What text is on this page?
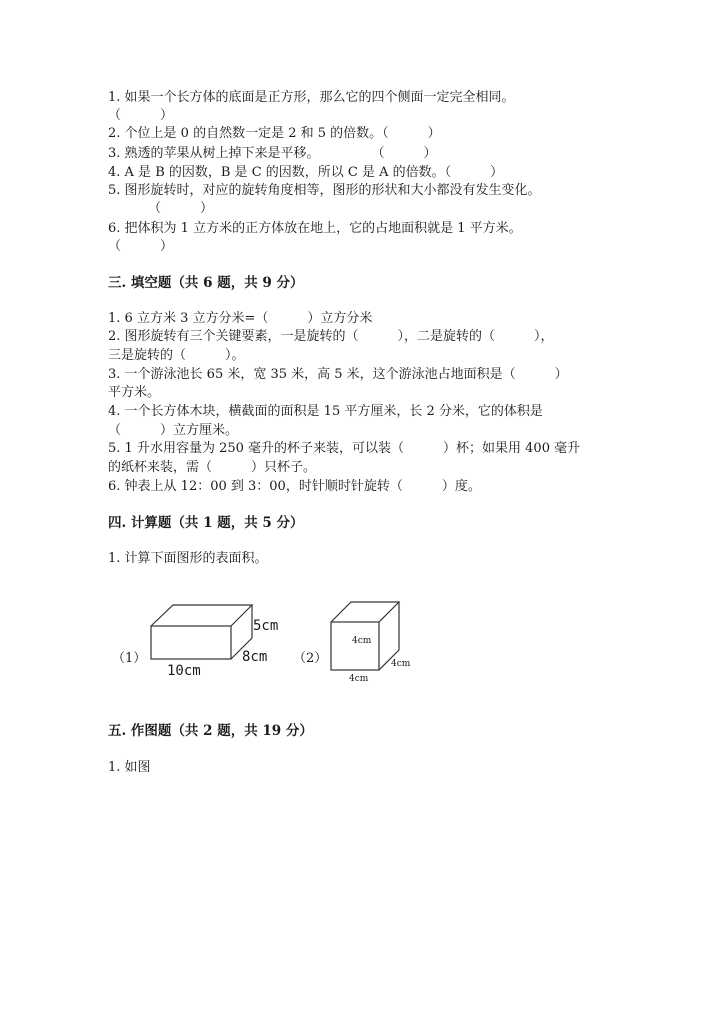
1. 如果一个长方体的底面是正方形，那么它的四个侧面一定完全相同。
（　　　）
2. 个位上是 0 的自然数一定是 2 和 5 的倍数。（　　　）
3. 熟透的苹果从树上掉下来是平移。　　　　　（　　　）
4. A 是 B 的因数，B 是 C 的因数，所以 C 是 A 的倍数。（　　　）
5. 图形旋转时，对应的旋转角度相等，图形的形状和大小都没有发生变化。
（　　　）
6. 把体积为 1 立方米的正方体放在地上，它的占地面积就是 1 平方米。
（　　　）
三. 填空题（共 6 题，共 9 分）
1. 6 立方米 3 立方分米=（　　　）立方分米
2. 图形旋转有三个关键要素，一是旋转的（　　　），二是旋转的（　　　），
三是旋转的（　　　）。
3. 一个游泳池长 65 米，宽 35 米，高 5 米，这个游泳池占地面积是（　　　）
平方米。
4. 一个长方体木块，横截面的面积是 15 平方厘米，长 2 分米，它的体积是
（　　　）立方厘米。
5. 1 升水用容量为 250 毫升的杯子来装，可以装（　　　）杯；如果用 400 毫升
的纸杯来装，需（　　　）只杯子。
6. 钟表上从 12：00 到 3：00，时针顺时针旋转（　　　）度。
四. 计算题（共 1 题，共 5 分）
1. 计算下面图形的表面积。
（1）
5cm
8cm
10cm
（2）
4cm
4cm
4cm
五. 作图题（共 2 题，共 19 分）
1. 如图
